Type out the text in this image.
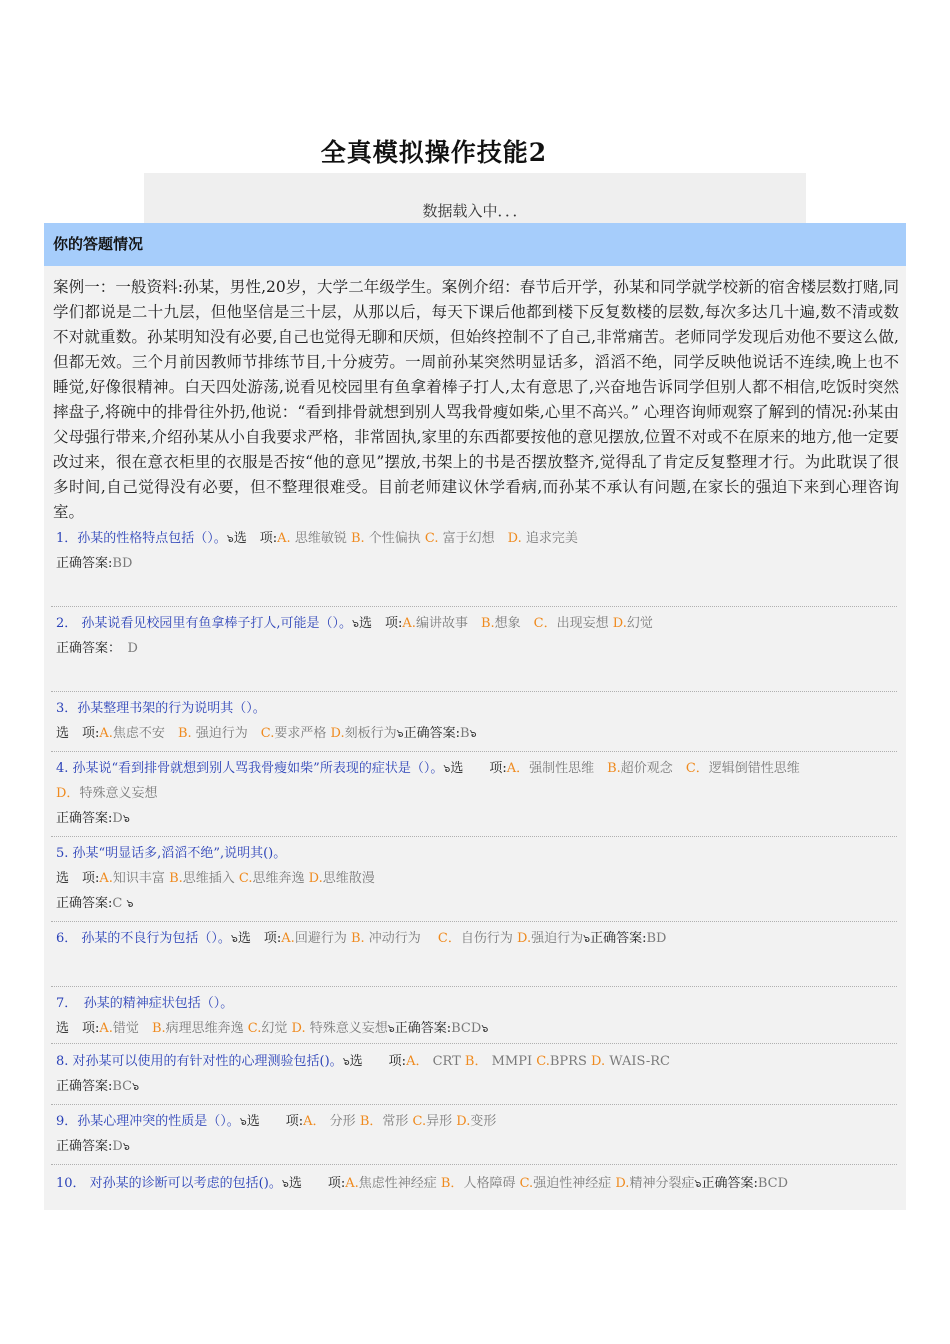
全真模拟操作技能2
数据载入中．．．
你的答题情况
案例一：一般资料:孙某，男性,20岁，大学二年级学生。案例介绍：春节后开学，孙某和同学就学校新的宿舍楼层数打赌,同学们都说是二十九层，但他坚信是三十层，从那以后，每天下课后他都到楼下反复数楼的层数,每次多达几十遍,数不清或数不对就重数。孙某明知没有必要,自己也觉得无聊和厌烦，但始终控制不了自己,非常痛苦。老师同学发现后劝他不要这么做,但都无效。三个月前因教师节排练节目,十分疲劳。一周前孙某突然明显话多，滔滔不绝，同学反映他说话不连续,晚上也不睡觉,好像很精神。白天四处游荡,说看见校园里有鱼拿着棒子打人,太有意思了,兴奋地告诉同学但别人都不相信,吃饭时突然摔盘子,将碗中的排骨往外扔,他说：“看到排骨就想到别人骂我骨瘦如柴,心里不高兴。” 心理咨询师观察了解到的情况:孙某由父母强行带来,介绍孙某从小自我要求严格，非常固执,家里的东西都要按他的意见摆放,位置不对或不在原来的地方,他一定要改过来，很在意衣柜里的衣服是否按“他的意见”摆放,书架上的书是否摆放整齐,觉得乱了肯定反复整理才行。为此耽误了很多时间,自己觉得没有必要，但不整理很难受。目前老师建议休学看病,而孙某不承认有问题,在家长的强迫下来到心理咨询室。
1．孙某的性格特点包括（）。๖选　项:A. 思维敏锐 B. 个性偏执 C. 富于幻想　D. 追求完美
正确答案:BD
2． 孙某说看见校园里有鱼拿棒子打人,可能是（）。๖选　项:A.编讲故事　B.想象　C．出现妄想 D.幻觉
正确答案：　D
3．孙某整理书架的行为说明其（）。
选　项:A.焦虑不安　B. 强迫行为　C.要求严格 D.刻板行为๖正确答案:B๖
4. 孙某说“看到排骨就想到别人骂我骨瘦如柴”所表现的症状是（）。๖选　　项:A．强制性思维　B.超价观念　C．逻辑倒错性思维
D．特殊意义妄想
正确答案:D๖
5. 孙某“明显话多,滔滔不绝”,说明其()。
选　项:A.知识丰富 B.思维插入 C.思维奔逸 D.思维散漫
正确答案:C ๖
6． 孙某的不良行为包括（）。๖选　项:A.回避行为 B. 冲动行为　 C．自伤行为 D.强迫行为๖正确答案:BD
7．　孙某的精神症状包括（）。
选　项:A.错觉　B.病理思维奔逸 C.幻觉 D. 特殊意义妄想๖正确答案:BCD๖
8. 对孙某可以使用的有针对性的心理测验包括()。๖选　　项:A． CRT B． MMPI C.BPRS D. WAIS-RC
正确答案:BC๖
9．孙某心理冲突的性质是（）。๖选　　项:A． 分形 B．常形 C.异形 D.变形
正确答案:D๖
10． 对孙某的诊断可以考虑的包括()。๖选　　项:A.焦虑性神经症 B．人格障碍 C.强迫性神经症 D.精神分裂症๖正确答案:BCD
